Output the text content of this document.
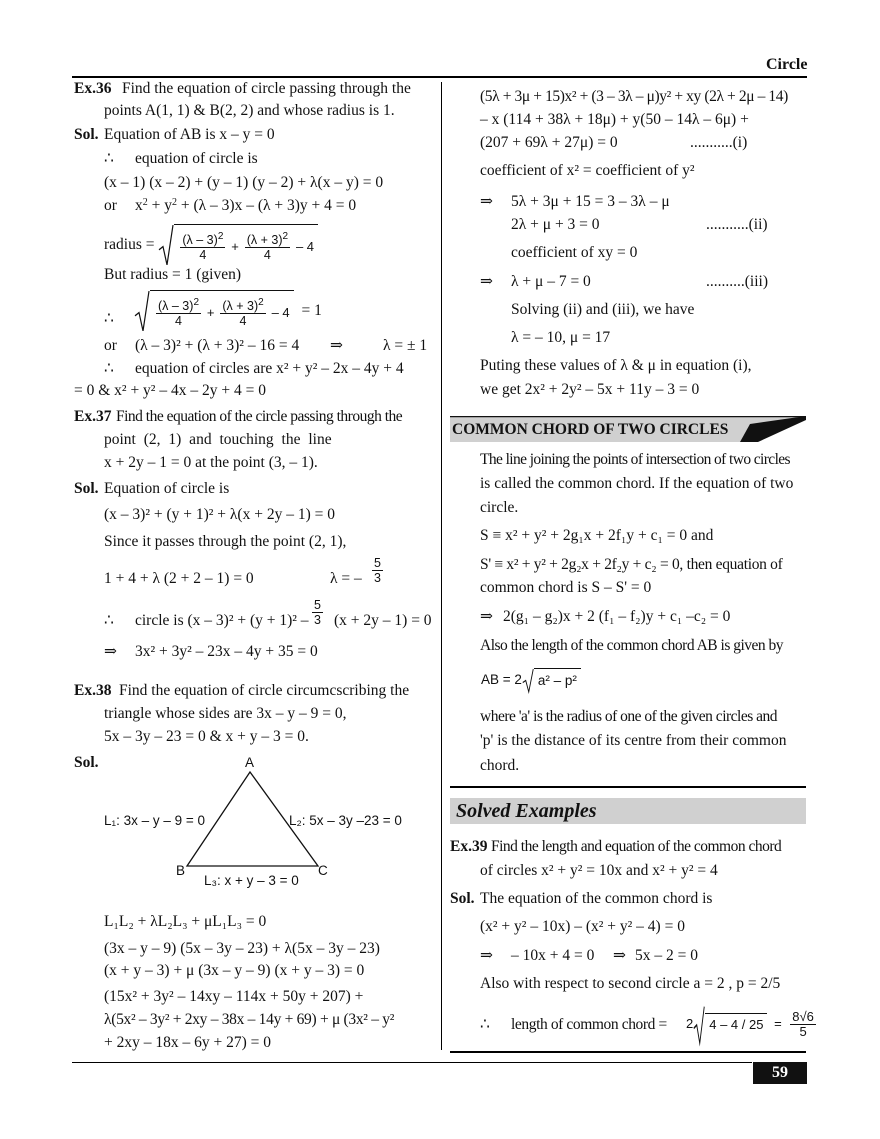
Circle
Ex.36 Find the equation of circle passing through the
points A(1, 1) & B(2, 2) and whose radius is 1.
Sol. Equation of AB is x – y = 0
∴ equation of circle is
(x – 1) (x – 2) + (y – 1) (y – 2) + λ(x – y) = 0
or $x^2 + y^2 + (\lambda - 3)x - (\lambda + 3)y + 4 = 0$
radius = $\frac{(\lambda - 3)^2}{4} + \frac{(\lambda + 3)^2}{4} - 4$
But radius = 1 (given)
∴	$\frac{(\lambda - 3)^2}{4} + \frac{(\lambda + 3)^2}{4} - 4 = 1$
or (λ – 3)² + (λ + 3)² – 16 = 4 ⇒	λ = ± 1
∴ equation of circles are x² + y² – 2x – 4y + 4
= 0 & x² + y² – 4x – 2y + 4 = 0
Ex.37 Find the equation of the circle passing through the
point (2, 1) and touching the line
x + 2y – 1 = 0 at the point (3, – 1).
Sol. Equation of circle is
(x – 3)² + (y + 1)² + λ(x + 2y – 1) = 0
Since it passes through the point (2, 1),
1 + 4 + λ (2 + 2 – 1) = 0	λ = – $\frac{5}{3}$
∴ circle is $(x - 3)^2 + (y + 1)^2 - \frac{5}{3} (x + 2y - 1) = 0$
⇒ 3x² + 3y² – 23x – 4y + 35 = 0
Ex.38 Find the equation of circle circumcscribing the
triangle whose sides are 3x – y – 9 = 0,
5x – 3y – 23 = 0 & x + y – 3 = 0.
Sol.	A
B	C
L₁: 3x – y – 9 = 0	L₂: 5x – 3y –23 = 0
L₃: x + y – 3 = 0
L₁L₂ + λL₂L₃ + μL₁L₃ = 0
(3x – y – 9) (5x – 3y – 23) + λ(5x – 3y – 23)
(x + y – 3) + μ (3x – y – 9) (x + y – 3) = 0
(15x² + 3y² – 14xy – 114x + 50y + 207) +
λ(5x² – 3y² + 2xy – 38x – 14y + 69) + μ (3x² – y²
+ 2xy – 18x – 6y + 27) = 0
(5λ + 3μ + 15)x² + (3 – 3λ – μ)y² + xy (2λ + 2μ – 14)
– x (114 + 38λ + 18μ) + y(50 – 14λ – 6μ) +
(207 + 69λ + 27μ) = 0	...........(i)
coefficient of x² = coefficient of y²
⇒ 5λ + 3μ + 15 = 3 – 3λ – μ
2λ + μ + 3 = 0	...........(ii)
coefficient of xy = 0
⇒ λ + μ – 7 = 0	..........(iii)
Solving (ii) and (iii), we have
λ = – 10, μ = 17
Puting these values of λ & μ in equation (i),
we get 2x² + 2y² – 5x + 11y – 3 = 0
COMMON CHORD OF TWO CIRCLES
The line joining the points of intersection of two circles
is called the common chord. If the equation of two
circle.
S ≡ x² + y² + 2g₁x + 2f₁y + c₁ = 0 and
S' ≡ x² + y² + 2g₂x + 2f₂y + c₂ = 0, then equation of
common chord is S – S' = 0
⇒ 2(g₁ – g₂)x + 2 (f₁ – f₂)y + c₁ –c₂ = 0
Also the length of the common chord AB is given by
AB = 2 a² – p²
where 'a' is the radius of one of the given circles and
'p' is the distance of its centre from their common
chord.
Solved Examples
Ex.39 Find the length and equation of the common chord
of circles x² + y² = 10x and x² + y² = 4
Sol. The equation of the common chord is
(x² + y² – 10x) – (x² + y² – 4) = 0
⇒ – 10x + 4 = 0 ⇒ 5x – 2 = 0
Also with respect to second circle a = 2 , p = 2/5
∴ length of common chord = 2 $4 - 4 / 25 = \frac{8√6}{5}$
59
